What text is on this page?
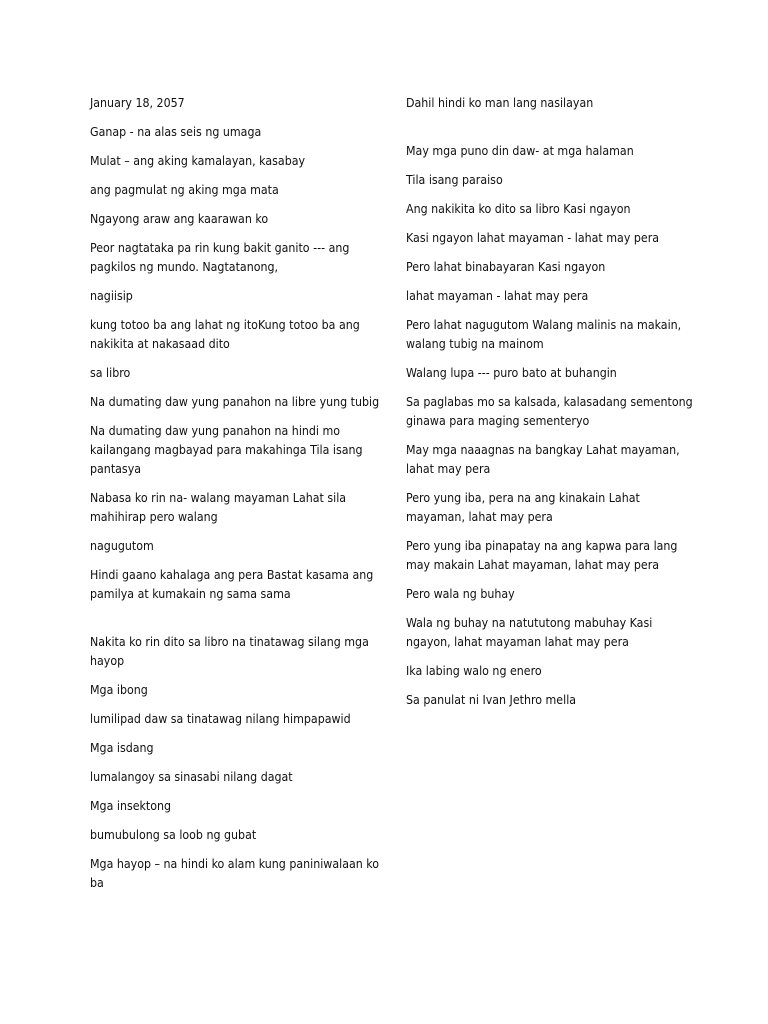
January 18, 2057

Ganap - na alas seis ng umaga

Mulat – ang aking kamalayan, kasabay

ang pagmulat ng aking mga mata

Ngayong araw ang kaarawan ko

Peor nagtataka pa rin kung bakit ganito --- ang pagkilos ng mundo. Nagtatanong,

nagiisip

kung totoo ba ang lahat ng itoKung totoo ba ang nakikita at nakasaad dito

sa libro

Na dumating daw yung panahon na libre yung tubig

Na dumating daw yung panahon na hindi mo kailangang magbayad para makahinga Tila isang pantasya

Nabasa ko rin na- walang mayaman Lahat sila mahihirap pero walang

nagugutom

Hindi gaano kahalaga ang pera Bastat kasama ang pamilya at kumakain ng sama sama

Nakita ko rin dito sa libro na tinatawag silang mga hayop

Mga ibong

lumilipad daw sa tinatawag nilang himpapawid

Mga isdang

lumalangoy sa sinasabi nilang dagat

Mga insektong

bumubulong sa loob ng gubat

Mga hayop – na hindi ko alam kung paniniwalaan ko ba

Dahil hindi ko man lang nasilayan

May mga puno din daw- at mga halaman

Tila isang paraiso

Ang nakikita ko dito sa libro Kasi ngayon

Kasi ngayon lahat mayaman - lahat may pera

Pero lahat binabayaran Kasi ngayon

lahat mayaman - lahat may pera

Pero lahat nagugutom Walang malinis na makain, walang tubig na mainom

Walang lupa --- puro bato at buhangin

Sa paglabas mo sa kalsada, kalasadang sementong ginawa para maging sementeryo

May mga naaagnas na bangkay Lahat mayaman, lahat may pera

Pero yung iba, pera na ang kinakain Lahat mayaman, lahat may pera

Pero yung iba pinapatay na ang kapwa para lang may makain Lahat mayaman, lahat may pera

Pero wala ng buhay

Wala ng buhay na natututong mabuhay Kasi ngayon, lahat mayaman lahat may pera

Ika labing walo ng enero

Sa panulat ni Ivan Jethro mella
